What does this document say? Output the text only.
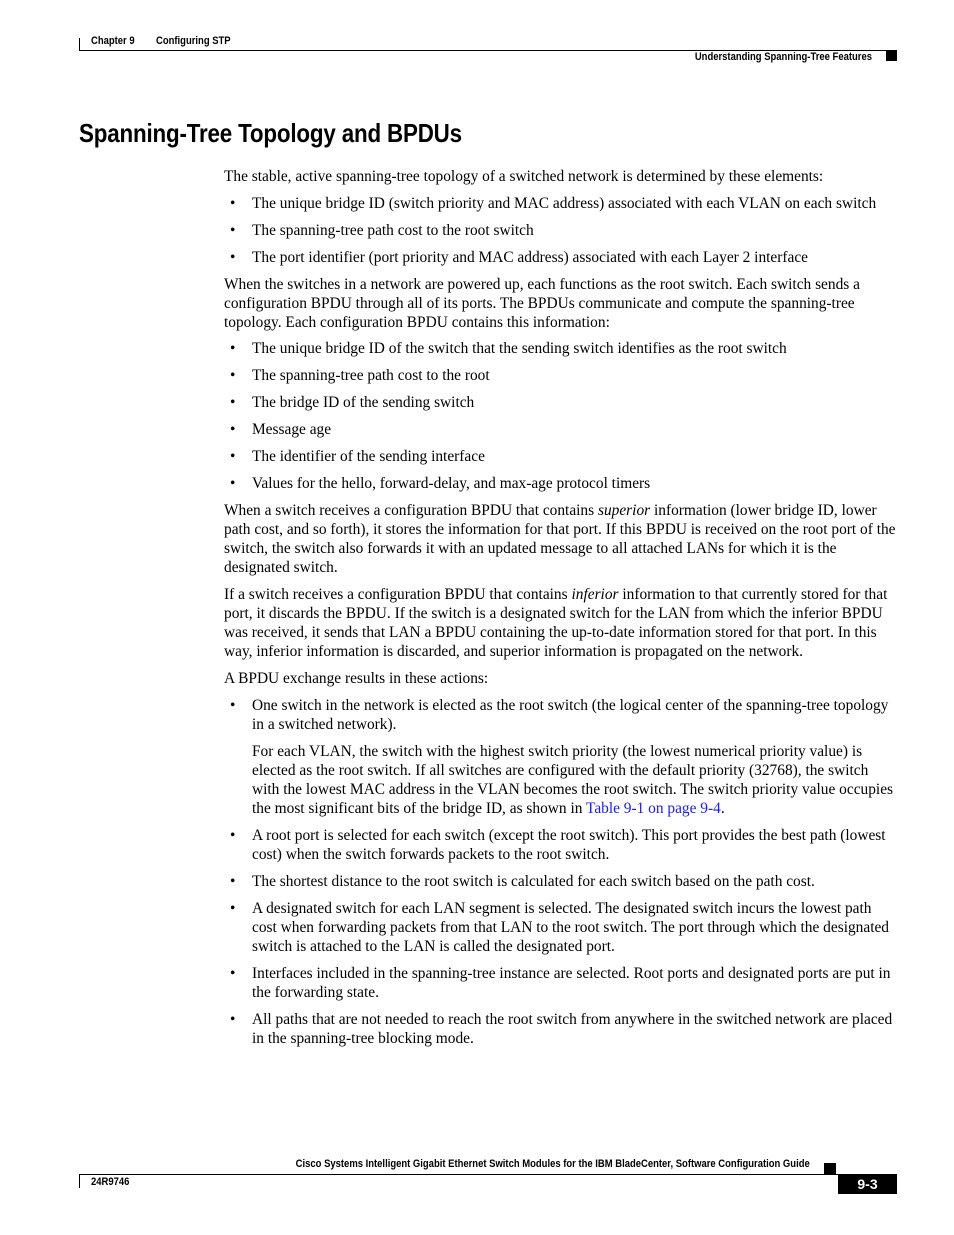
Chapter 9 Configuring STP
Understanding Spanning-Tree Features
Spanning-Tree Topology and BPDUs

The stable, active spanning-tree topology of a switched network is determined by these elements:

• The unique bridge ID (switch priority and MAC address) associated with each VLAN on each switch
• The spanning-tree path cost to the root switch
• The port identifier (port priority and MAC address) associated with each Layer 2 interface

When the switches in a network are powered up, each functions as the root switch. Each switch sends a configuration BPDU through all of its ports. The BPDUs communicate and compute the spanning-tree topology. Each configuration BPDU contains this information:

• The unique bridge ID of the switch that the sending switch identifies as the root switch
• The spanning-tree path cost to the root
• The bridge ID of the sending switch
• Message age
• The identifier of the sending interface
• Values for the hello, forward-delay, and max-age protocol timers

When a switch receives a configuration BPDU that contains superior information (lower bridge ID, lower path cost, and so forth), it stores the information for that port. If this BPDU is received on the root port of the switch, the switch also forwards it with an updated message to all attached LANs for which it is the designated switch.

If a switch receives a configuration BPDU that contains inferior information to that currently stored for that port, it discards the BPDU. If the switch is a designated switch for the LAN from which the inferior BPDU was received, it sends that LAN a BPDU containing the up-to-date information stored for that port. In this way, inferior information is discarded, and superior information is propagated on the network.

A BPDU exchange results in these actions:

• One switch in the network is elected as the root switch (the logical center of the spanning-tree topology in a switched network).
For each VLAN, the switch with the highest switch priority (the lowest numerical priority value) is elected as the root switch. If all switches are configured with the default priority (32768), the switch with the lowest MAC address in the VLAN becomes the root switch. The switch priority value occupies the most significant bits of the bridge ID, as shown in Table 9-1 on page 9-4.
• A root port is selected for each switch (except the root switch). This port provides the best path (lowest cost) when the switch forwards packets to the root switch.
• The shortest distance to the root switch is calculated for each switch based on the path cost.
• A designated switch for each LAN segment is selected. The designated switch incurs the lowest path cost when forwarding packets from that LAN to the root switch. The port through which the designated switch is attached to the LAN is called the designated port.
• Interfaces included in the spanning-tree instance are selected. Root ports and designated ports are put in the forwarding state.
• All paths that are not needed to reach the root switch from anywhere in the switched network are placed in the spanning-tree blocking mode.
Cisco Systems Intelligent Gigabit Ethernet Switch Modules for the IBM BladeCenter, Software Configuration Guide
24R9746	9-3
